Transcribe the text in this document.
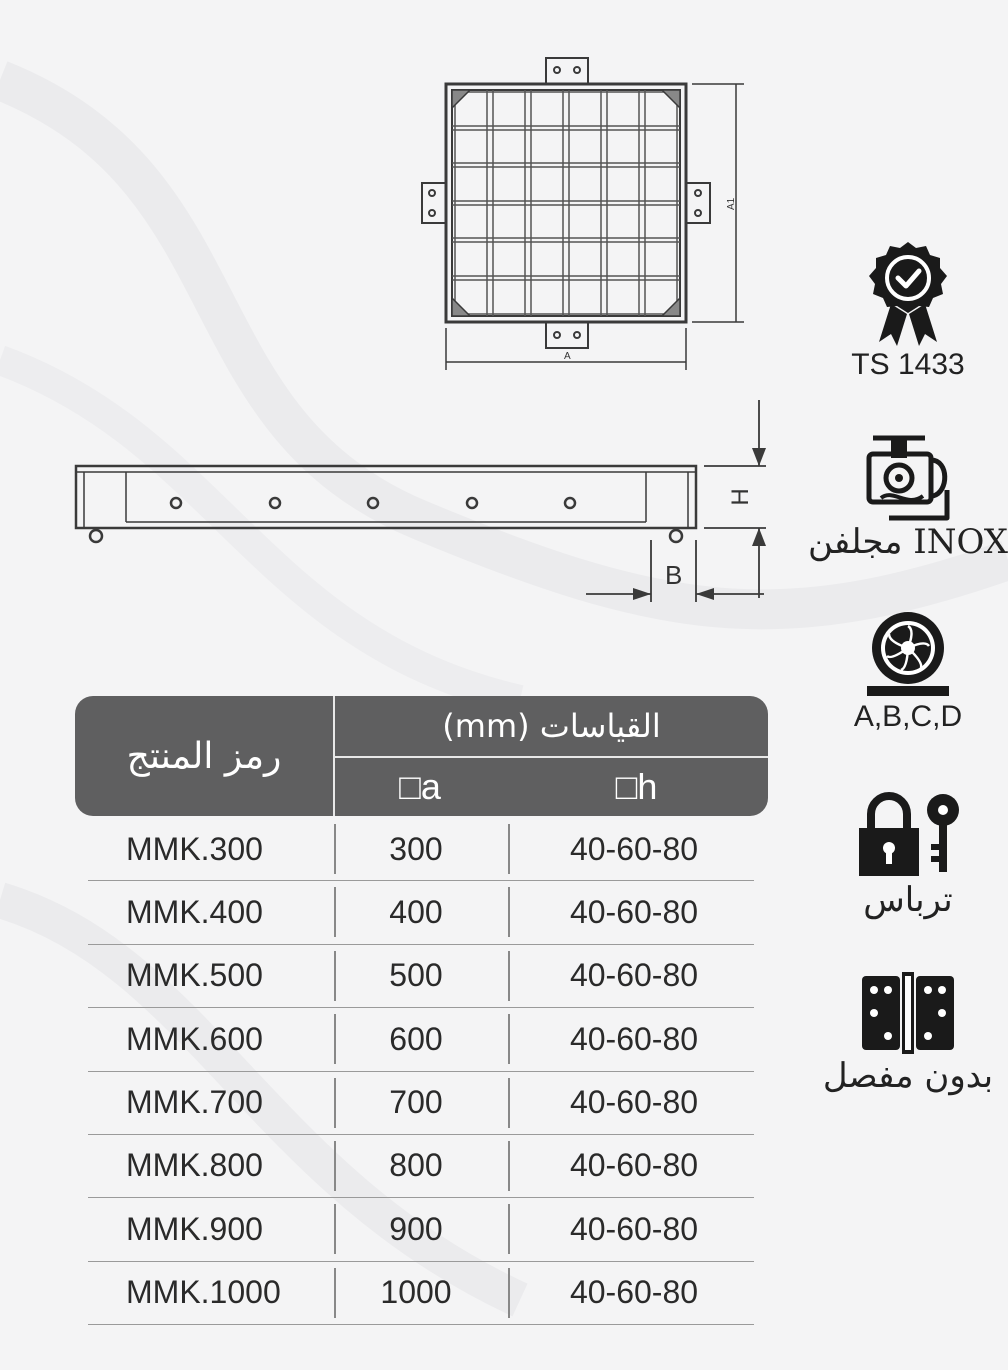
A
A1
H
B
TS 1433
مجلفن INOX
A,B,C,D
ترباس
بدون مفصل
رمز المنتج
القياسات (mm)
□a	□h
MMK.300	300	40-60-80
MMK.400	400	40-60-80
MMK.500	500	40-60-80
MMK.600	600	40-60-80
MMK.700	700	40-60-80
MMK.800	800	40-60-80
MMK.900	900	40-60-80
MMK.1000	1000	40-60-80
